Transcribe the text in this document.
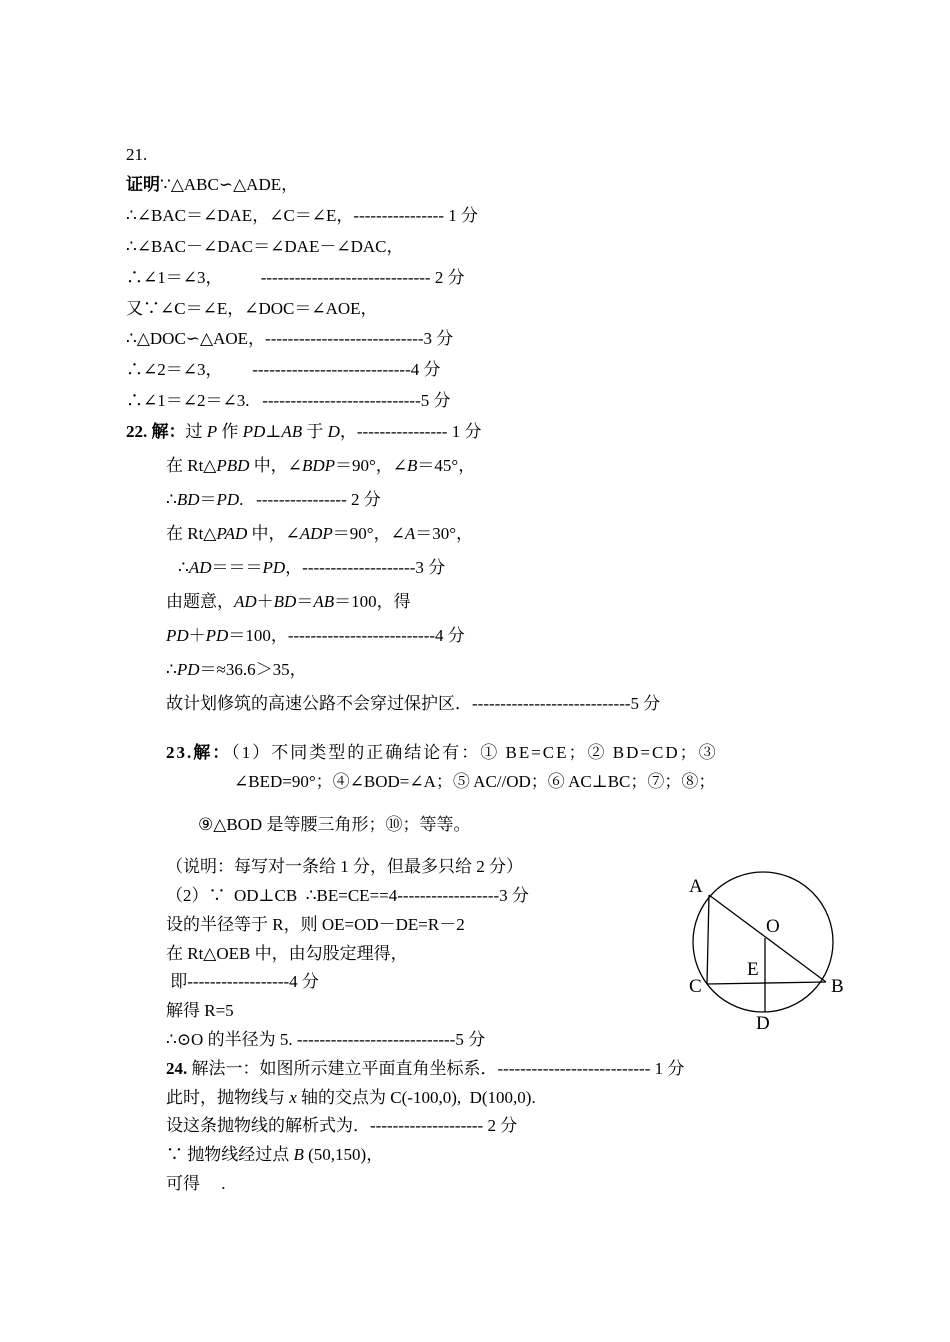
21.
证明∵△ABC∽△ADE，
∴∠BAC＝∠DAE，∠C＝∠E，---------------- 1 分
∴∠BAC－∠DAC＝∠DAE－∠DAC，
∴∠1＝∠3，         ------------------------------ 2 分
又∵∠C＝∠E，∠DOC＝∠AOE，
∴△DOC∽△AOE，----------------------------3 分
∴∠2＝∠3，       ----------------------------4 分
∴∠1＝∠2＝∠3.   ----------------------------5 分
22. 解：过 P 作 PD⊥AB 于 D，---------------- 1 分
在 Rt△PBD 中，∠BDP＝90°，∠B＝45°，
∴BD＝PD.   ---------------- 2 分
在 Rt△PAD 中，∠ADP＝90°，∠A＝30°，
∴AD＝＝＝PD，--------------------3 分
由题意，AD＋BD＝AB＝100，得
PD＋PD＝100，--------------------------4 分
∴PD＝≈36.6＞35，
故计划修筑的高速公路不会穿过保护区．----------------------------5 分
23.解：（1）不同类型的正确结论有：① BE=CE；② BD=CD；③
∠BED=90°；④∠BOD=∠A；⑤ AC//OD；⑥ AC⊥BC；⑦；⑧；
⑨△BOD 是等腰三角形；⑩；等等。
（说明：每写对一条给 1 分，但最多只给 2 分）
（2）∵  OD⊥CB  ∴BE=CE==4------------------3 分
设的半径等于 R，则 OE=OD－DE=R－2
在 Rt△OEB 中，由勾股定理得，
即------------------4 分
解得 R=5
∴⊙O 的半径为 5. ----------------------------5 分
A
O
E
C	B
D
24. 解法一：如图所示建立平面直角坐标系．--------------------------- 1 分
此时，抛物线与 x 轴的交点为 C(-100,0),  D(100,0).
设这条抛物线的解析式为．-------------------- 2 分
∵ 抛物线经过点 B (50,150)，
可得     .
